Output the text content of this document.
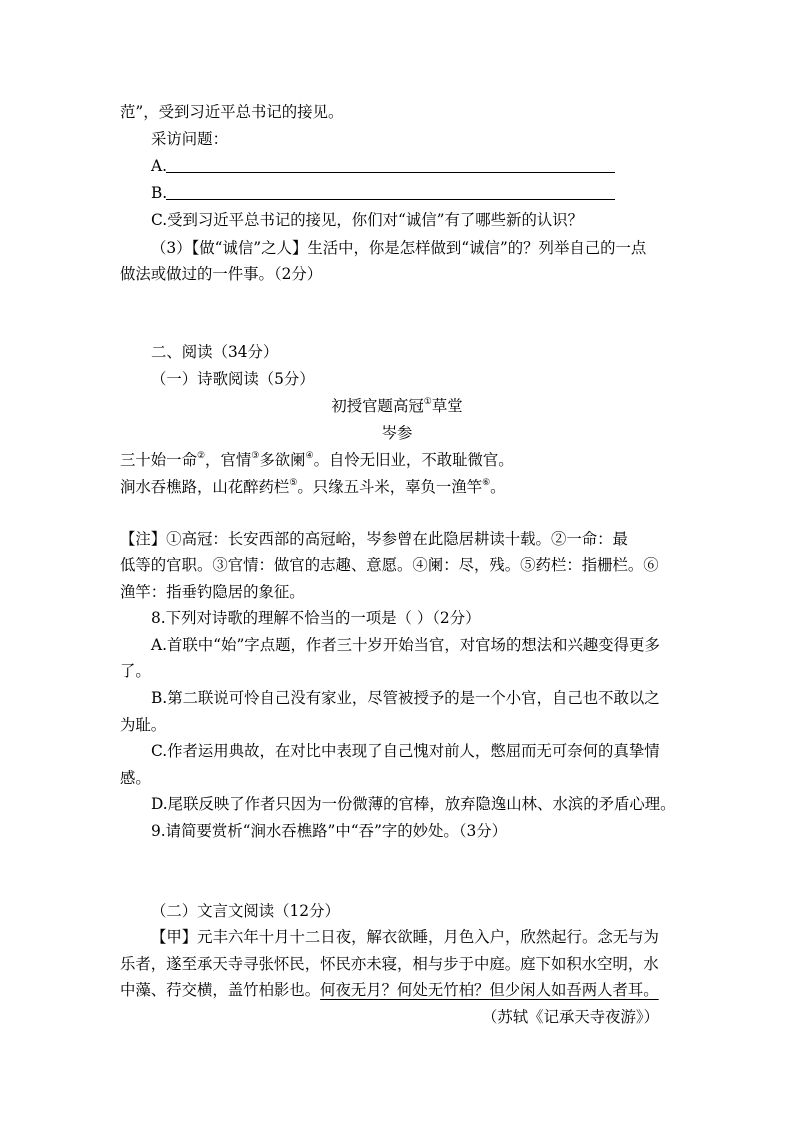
范”，受到习近平总书记的接见。
采访问题：
A.
B.
C.受到习近平总书记的接见，你们对“诚信”有了哪些新的认识？
（3）【做“诚信”之人】生活中，你是怎样做到“诚信”的？列举自己的一点
做法或做过的一件事。（2分）
二、阅读（34分）
（一）诗歌阅读（5分）
初授官题高冠①草堂
岑参
三十始一命②，官情③多欲阑④。自怜无旧业，不敢耻微官。
涧水吞樵路，山花醉药栏⑤。只缘五斗米，辜负一渔竿⑥。
【注】①高冠：长安西部的高冠峪，岑参曾在此隐居耕读十载。②一命：最
低等的官职。③官情：做官的志趣、意愿。④阑：尽，残。⑤药栏：指栅栏。⑥
渔竿：指垂钓隐居的象征。
8.下列对诗歌的理解不恰当的一项是（ ）（2分）
A.首联中“始”字点题，作者三十岁开始当官，对官场的想法和兴趣变得更多
了。
B.第二联说可怜自己没有家业，尽管被授予的是一个小官，自己也不敢以之
为耻。
C.作者运用典故，在对比中表现了自己愧对前人，憋屈而无可奈何的真挚情
感。
D.尾联反映了作者只因为一份微薄的官棒，放弃隐逸山林、水滨的矛盾心理。
9.请简要赏析“涧水吞樵路”中“吞”字的妙处。（3分）
（二）文言文阅读（12分）
【甲】元丰六年十月十二日夜，解衣欲睡，月色入户，欣然起行。念无与为
乐者，遂至承天寺寻张怀民，怀民亦未寝，相与步于中庭。庭下如积水空明，水
中藻、荇交横，盖竹柏影也。何夜无月？何处无竹柏？但少闲人如吾两人者耳。
（苏轼《记承天寺夜游》）
